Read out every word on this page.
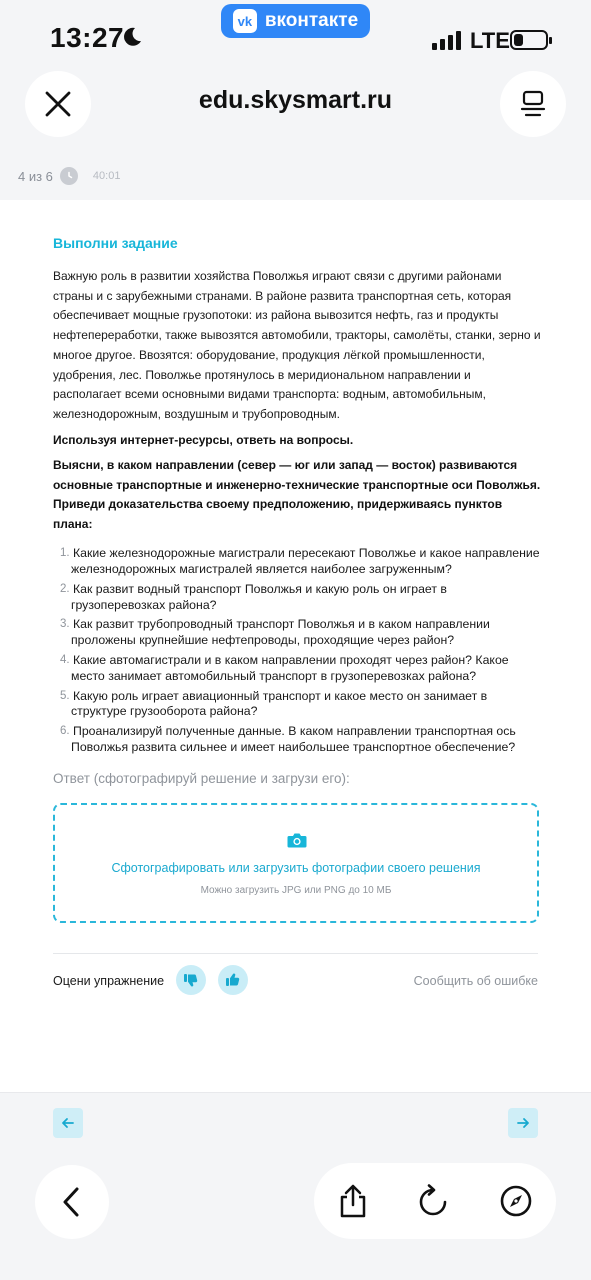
13:27
vk вконтакте
LTE
edu.skysmart.ru
4 из 6	40:01
Выполни задание

Важную роль в развитии хозяйства Поволжья играют связи с другими районами страны и с зарубежными странами. В районе развита транспортная сеть, которая обеспечивает мощные грузопотоки: из района вывозится нефть, газ и продукты нефтепереработки, также вывозятся автомобили, тракторы, самолёты, станки, зерно и многое другое. Ввозятся: оборудование, продукция лёгкой промышленности, удобрения, лес. Поволжье протянулось в меридиональном направлении и располагает всеми основными видами транспорта: водным, автомобильным, железнодорожным, воздушным и трубопроводным.

Используя интернет-ресурсы, ответь на вопросы.

Выясни, в каком направлении (север — юг или запад — восток) развиваются основные транспортные и инженерно-технические транспортные оси Поволжья. Приведи доказательства своему предположению, придерживаясь пунктов плана:

1. Какие железнодорожные магистрали пересекают Поволжье и какое направление железнодорожных магистралей является наиболее загруженным?
2. Как развит водный транспорт Поволжья и какую роль он играет в грузоперевозках района?
3. Как развит трубопроводный транспорт Поволжья и в каком направлении проложены крупнейшие нефтепроводы, проходящие через район?
4. Какие автомагистрали и в каком направлении проходят через район? Какое место занимает автомобильный транспорт в грузоперевозках района?
5. Какую роль играет авиационный транспорт и какое место он занимает в структуре грузооборота района?
6. Проанализируй полученные данные. В каком направлении транспортная ось Поволжья развита сильнее и имеет наибольшее транспортное обеспечение?
Ответ (сфотографируй решение и загрузи его):
Сфотографировать или загрузить фотографии своего решения
Можно загрузить JPG или PNG до 10 МБ
Оцени упражнение	Сообщить об ошибке
